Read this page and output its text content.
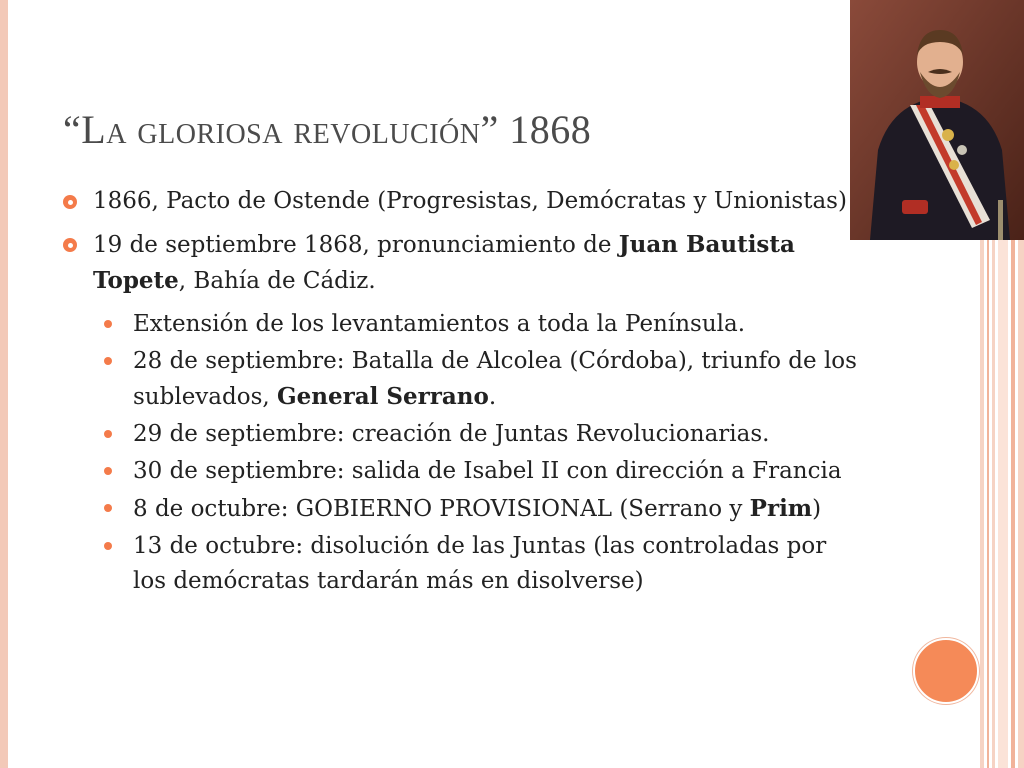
“La gloriosa revolución” 1868
1866, Pacto de Ostende (Progresistas, Demócratas y Unionistas)
19 de septiembre 1868, pronunciamiento de Juan Bautista Topete, Bahía de Cádiz.
Extensión de los levantamientos a toda la Península.
28 de septiembre: Batalla de Alcolea (Córdoba), triunfo de los sublevados, General Serrano.
29 de septiembre: creación de Juntas Revolucionarias.
30 de septiembre: salida de Isabel II con dirección a Francia
8 de octubre: GOBIERNO PROVISIONAL (Serrano y Prim)
13 de octubre: disolución de las Juntas (las controladas por los demócratas tardarán más en disolverse)
